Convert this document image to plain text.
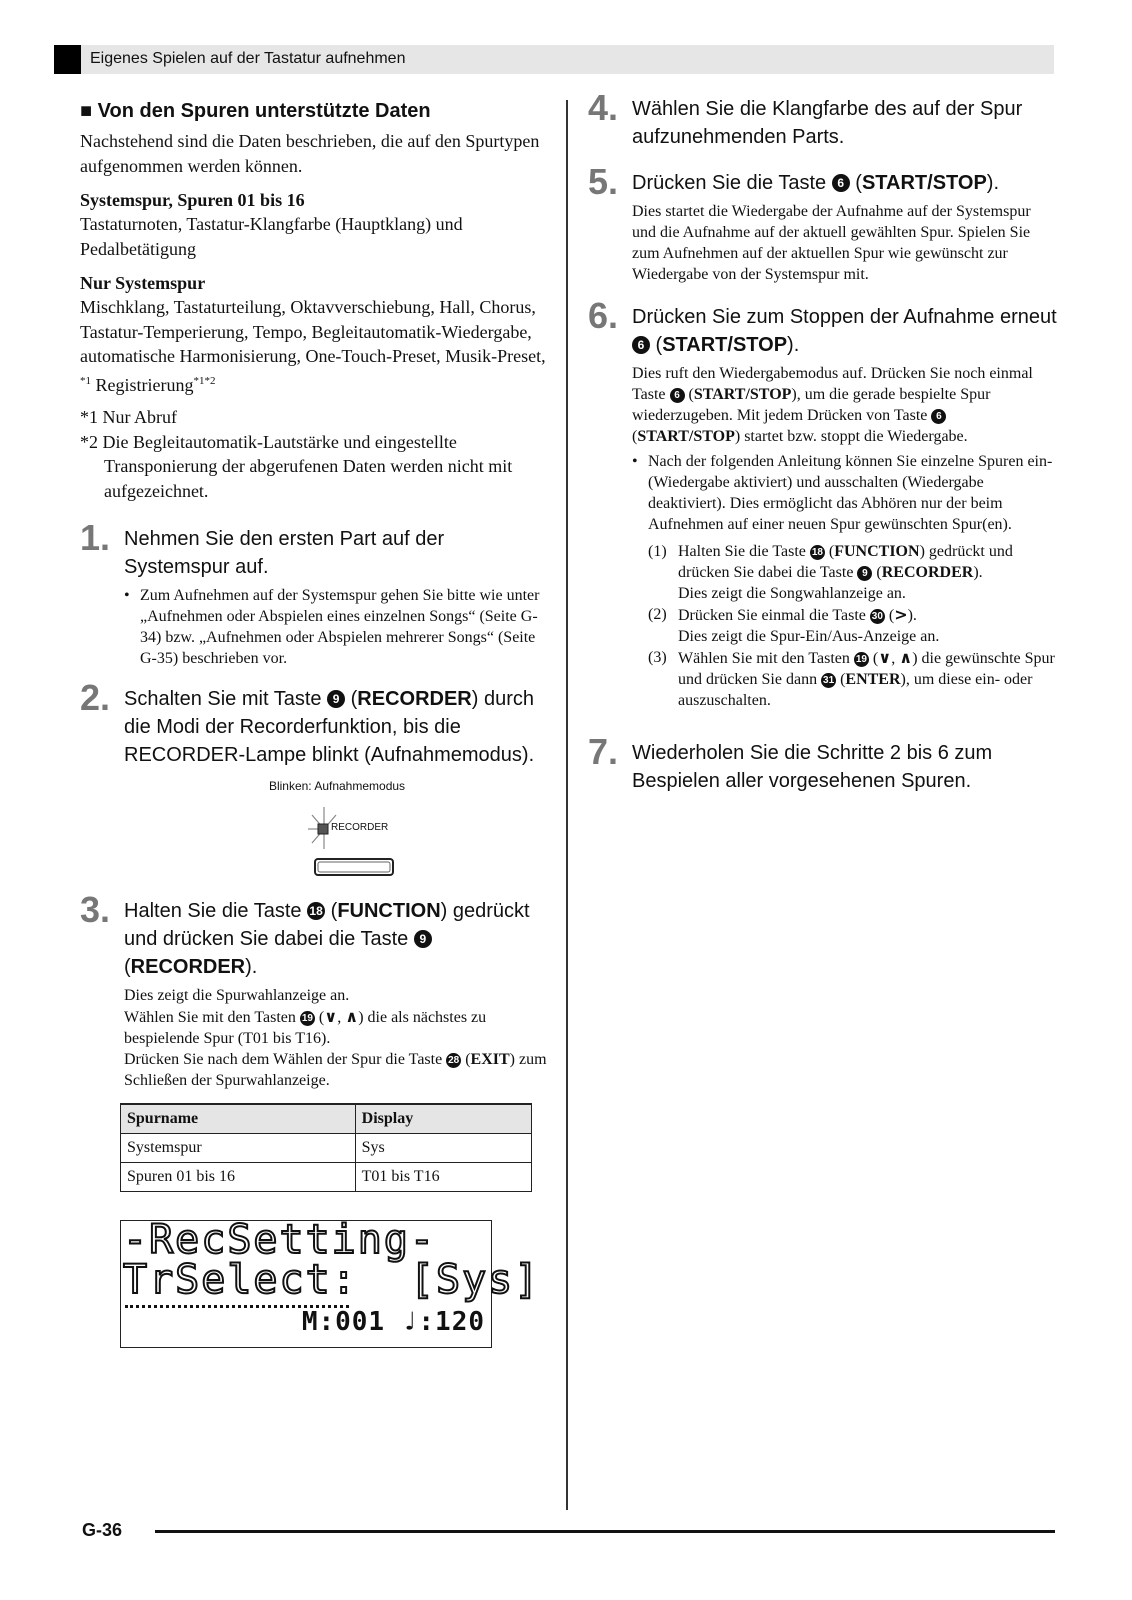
Eigenes Spielen auf der Tastatur aufnehmen
■ Von den Spuren unterstützte Daten

Nachstehend sind die Daten beschrieben, die auf den Spurtypen aufgenommen werden können.

Systemspur, Spuren 01 bis 16

Tastaturnoten, Tastatur-Klangfarbe (Hauptklang) und Pedalbetätigung

Nur Systemspur

Mischklang, Tastaturteilung, Oktavverschiebung, Hall, Chorus, Tastatur-Temperierung, Tempo, Begleitautomatik-Wiedergabe, automatische Harmonisierung, One-Touch-Preset, Musik-Preset, $^{*1}$ Registrierung$^{*1*2}$

*1 Nur Abruf

*2 Die Begleitautomatik-Lautstärke und eingestellte Transponierung der abgerufenen Daten werden nicht mit aufgezeichnet.

1. Nehmen Sie den ersten Part auf der Systemspur auf.
• Zum Aufnehmen auf der Systemspur gehen Sie bitte wie unter „Aufnehmen oder Abspielen eines einzelnen Songs“ (Seite G-34) bzw. „Aufnehmen oder Abspielen mehrerer Songs“ (Seite G-35) beschrieben vor.
2. Schalten Sie mit Taste 9 (RECORDER) durch die Modi der Recorderfunktion, bis die RECORDER-Lampe blinkt (Aufnahmemodus).
Blinken: Aufnahmemodus
RECORDER
3. Halten Sie die Taste 18 (FUNCTION) gedrückt und drücken Sie dabei die Taste 9 (RECORDER).
Dies zeigt die Spurwahlanzeige an.
Wählen Sie mit den Tasten 19 (∨, ∧) die als nächstes zu bespielende Spur (T01 bis T16).
Drücken Sie nach dem Wählen der Spur die Taste 28 (EXIT) zum Schließen der Spurwahlanzeige.
Spurname	Display
Systemspur	Sys
Spuren 01 bis 16	T01 bis T16
-RecSetting-
TrSelect:  [Sys]
M:001 ♩:120
4. Wählen Sie die Klangfarbe des auf der Spur aufzunehmenden Parts.
5. Drücken Sie die Taste 6 (START/STOP).
Dies startet die Wiedergabe der Aufnahme auf der Systemspur und die Aufnahme auf der aktuell gewählten Spur. Spielen Sie zum Aufnehmen auf der aktuellen Spur wie gewünscht zur Wiedergabe von der Systemspur mit.
6. Drücken Sie zum Stoppen der Aufnahme erneut 6 (START/STOP).
Dies ruft den Wiedergabemodus auf. Drücken Sie noch einmal Taste 6 (START/STOP), um die gerade bespielte Spur wiederzugeben. Mit jedem Drücken von Taste 6 (START/STOP) startet bzw. stoppt die Wiedergabe.
• Nach der folgenden Anleitung können Sie einzelne Spuren ein- (Wiedergabe aktiviert) und ausschalten (Wiedergabe deaktiviert). Dies ermöglicht das Abhören nur der beim Aufnehmen auf einer neuen Spur gewünschten Spur(en).
(1) Halten Sie die Taste 18 (FUNCTION) gedrückt und drücken Sie dabei die Taste 9 (RECORDER).
Dies zeigt die Songwahlanzeige an.
(2) Drücken Sie einmal die Taste 30 (>).
Dies zeigt die Spur-Ein/Aus-Anzeige an.
(3) Wählen Sie mit den Tasten 19 (∨, ∧) die gewünschte Spur und drücken Sie dann 31 (ENTER), um diese ein- oder auszuschalten.
7. Wiederholen Sie die Schritte 2 bis 6 zum Bespielen aller vorgesehenen Spuren.
G-36
